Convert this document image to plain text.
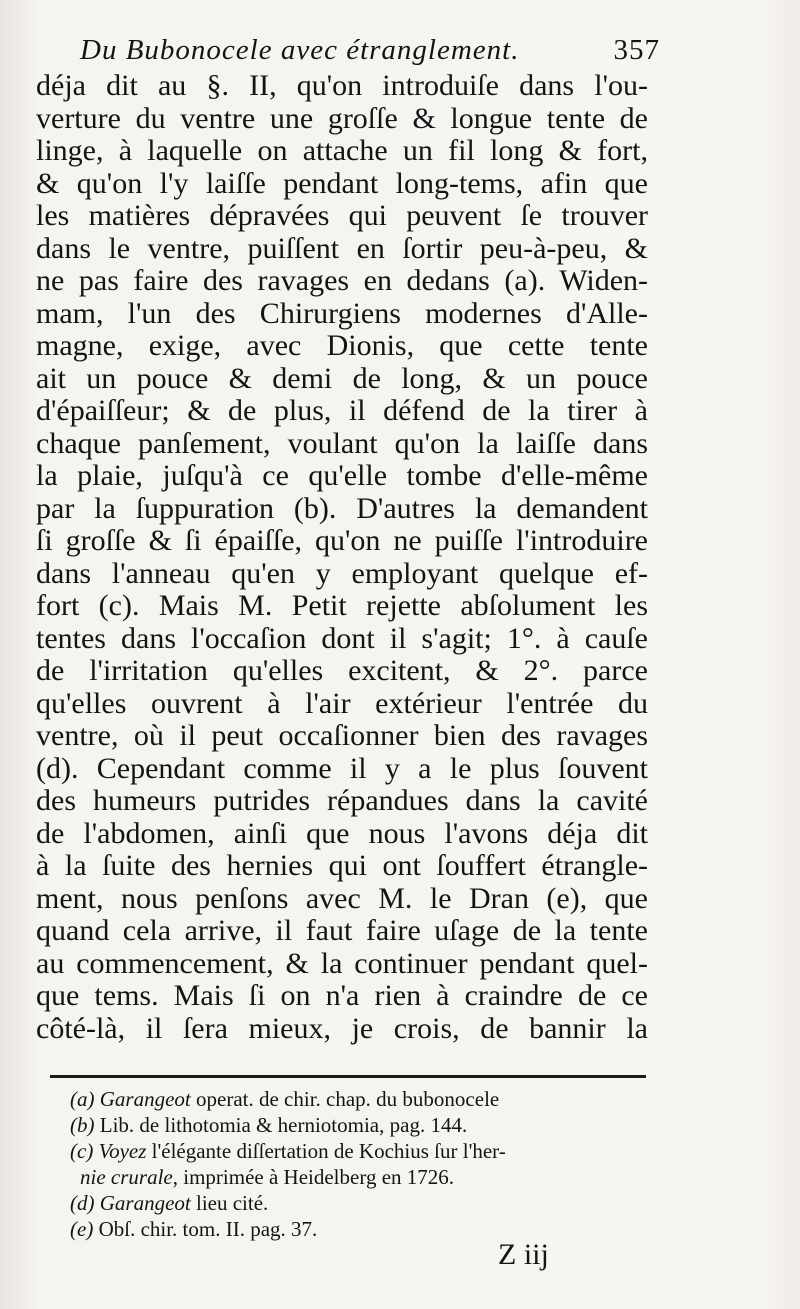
Du Bubonocele avec étranglement.	357
déja dit au §. II, qu'on introduiſe dans l'ou-
verture du ventre une groſſe & longue tente de
linge, à laquelle on attache un fil long & fort,
& qu'on l'y laiſſe pendant long-tems, afin que
les matières dépravées qui peuvent ſe trouver
dans le ventre, puiſſent en ſortir peu-à-peu, &
ne pas faire des ravages en dedans (a). Widen-
mam, l'un des Chirurgiens modernes d'Alle-
magne, exige, avec Dionis, que cette tente
ait un pouce & demi de long, & un pouce
d'épaiſſeur; & de plus, il défend de la tirer à
chaque panſement, voulant qu'on la laiſſe dans
la plaie, juſqu'à ce qu'elle tombe d'elle-même
par la ſuppuration (b). D'autres la demandent
ſi groſſe & ſi épaiſſe, qu'on ne puiſſe l'introduire
dans l'anneau qu'en y employant quelque ef-
fort (c). Mais M. Petit rejette abſolument les
tentes dans l'occaſion dont il s'agit; 1°. à cauſe
de l'irritation qu'elles excitent, & 2°. parce
qu'elles ouvrent à l'air extérieur l'entrée du
ventre, où il peut occaſionner bien des ravages
(d). Cependant comme il y a le plus ſouvent
des humeurs putrides répandues dans la cavité
de l'abdomen, ainſi que nous l'avons déja dit
à la ſuite des hernies qui ont ſouffert étrangle-
ment, nous penſons avec M. le Dran (e), que
quand cela arrive, il faut faire uſage de la tente
au commencement, & la continuer pendant quel-
que tems. Mais ſi on n'a rien à craindre de ce
côté-là, il ſera mieux, je crois, de bannir la
(a) Garangeot operat. de chir. chap. du bubonocele
(b) Lib. de lithotomia & herniotomia, pag. 144.
(c) Voyez l'élégante diſſertation de Kochius ſur l'her-
nie crurale, imprimée à Heidelberg en 1726.
(d) Garangeot lieu cité.
(e) Obſ. chir. tom. II. pag. 37.
Z iij
